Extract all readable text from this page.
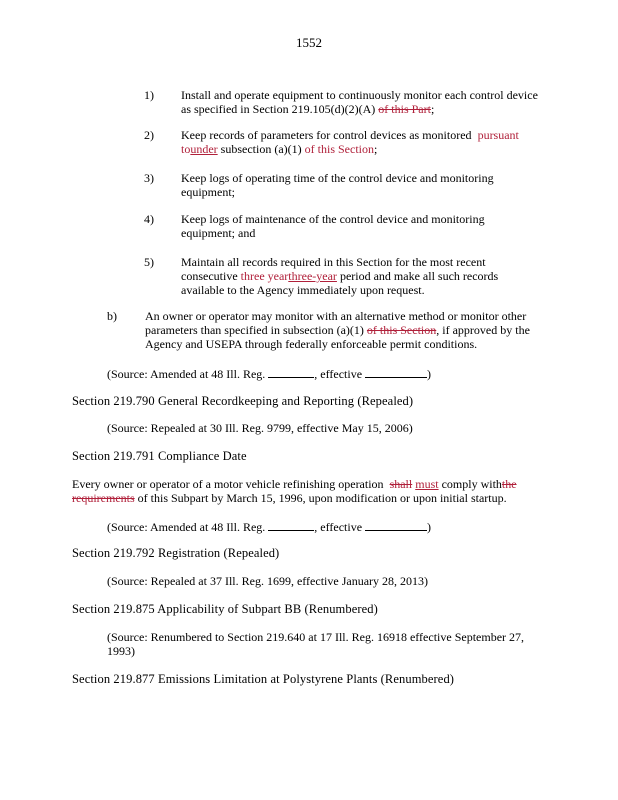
1552
1) Install and operate equipment to continuously monitor each control device
as specified in Section 219.105(d)(2)(A) of this Part;
2) Keep records of parameters for control devices as monitored pursuant
tounder subsection (a)(1) of this Section;
3) Keep logs of operating time of the control device and monitoring
equipment;
4) Keep logs of maintenance of the control device and monitoring
equipment; and
5) Maintain all records required in this Section for the most recent
consecutive three yearthree-year period and make all such records
available to the Agency immediately upon request.
b) An owner or operator may monitor with an alternative method or monitor other
parameters than specified in subsection (a)(1) of this Section, if approved by the
Agency and USEPA through federally enforceable permit conditions.
(Source: Amended at 48 Ill. Reg.	, effective	)
Section 219.790 General Recordkeeping and Reporting (Repealed)
(Source: Repealed at 30 Ill. Reg. 9799, effective May 15, 2006)
Section 219.791 Compliance Date
Every owner or operator of a motor vehicle refinishing operation shall must comply withthe
requirements of this Subpart by March 15, 1996, upon modification or upon initial startup.
(Source: Amended at 48 Ill. Reg.	, effective	)
Section 219.792 Registration (Repealed)
(Source: Repealed at 37 Ill. Reg. 1699, effective January 28, 2013)
Section 219.875 Applicability of Subpart BB (Renumbered)
(Source: Renumbered to Section 219.640 at 17 Ill. Reg. 16918 effective September 27,
1993)
Section 219.877 Emissions Limitation at Polystyrene Plants (Renumbered)
